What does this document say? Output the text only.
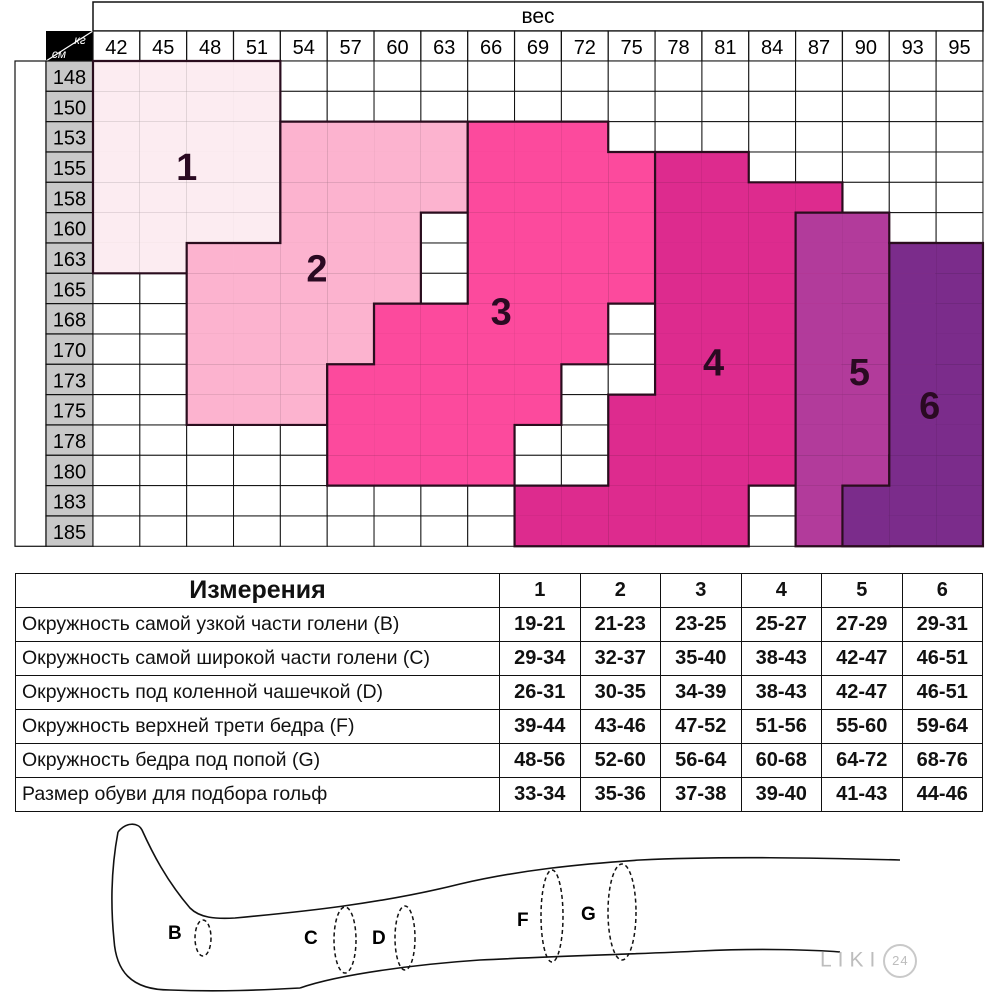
вес
кг
см 42 45 48 51 54 57 60 63 66 69 72 75 78 81 84 87 90 93 95
148
150
153
155
158
160
163
165
168
170
173
175
178
180
183
185
1
2
3
4	5
6
Измерения	1	2	3	4	5	6
Окружность самой узкой части голени (B)	19-21	21-23	23-25	25-27	27-29	29-31
Окружность самой широкой части голени (C)	29-34	32-37	35-40	38-43	42-47	46-51
Окружность под коленной чашечкой (D)	26-31	30-35	34-39	38-43	42-47	46-51
Окружность верхней трети бедра (F)	39-44	43-46	47-52	51-56	55-60	59-64
Окружность бедра под попой (G)	48-56	52-60	56-64	60-68	64-72	68-76
Размер обуви для подбора гольф	33-34	35-36	37-38	39-40	41-43	44-46
B	C	D
F	G
LIKI 24
